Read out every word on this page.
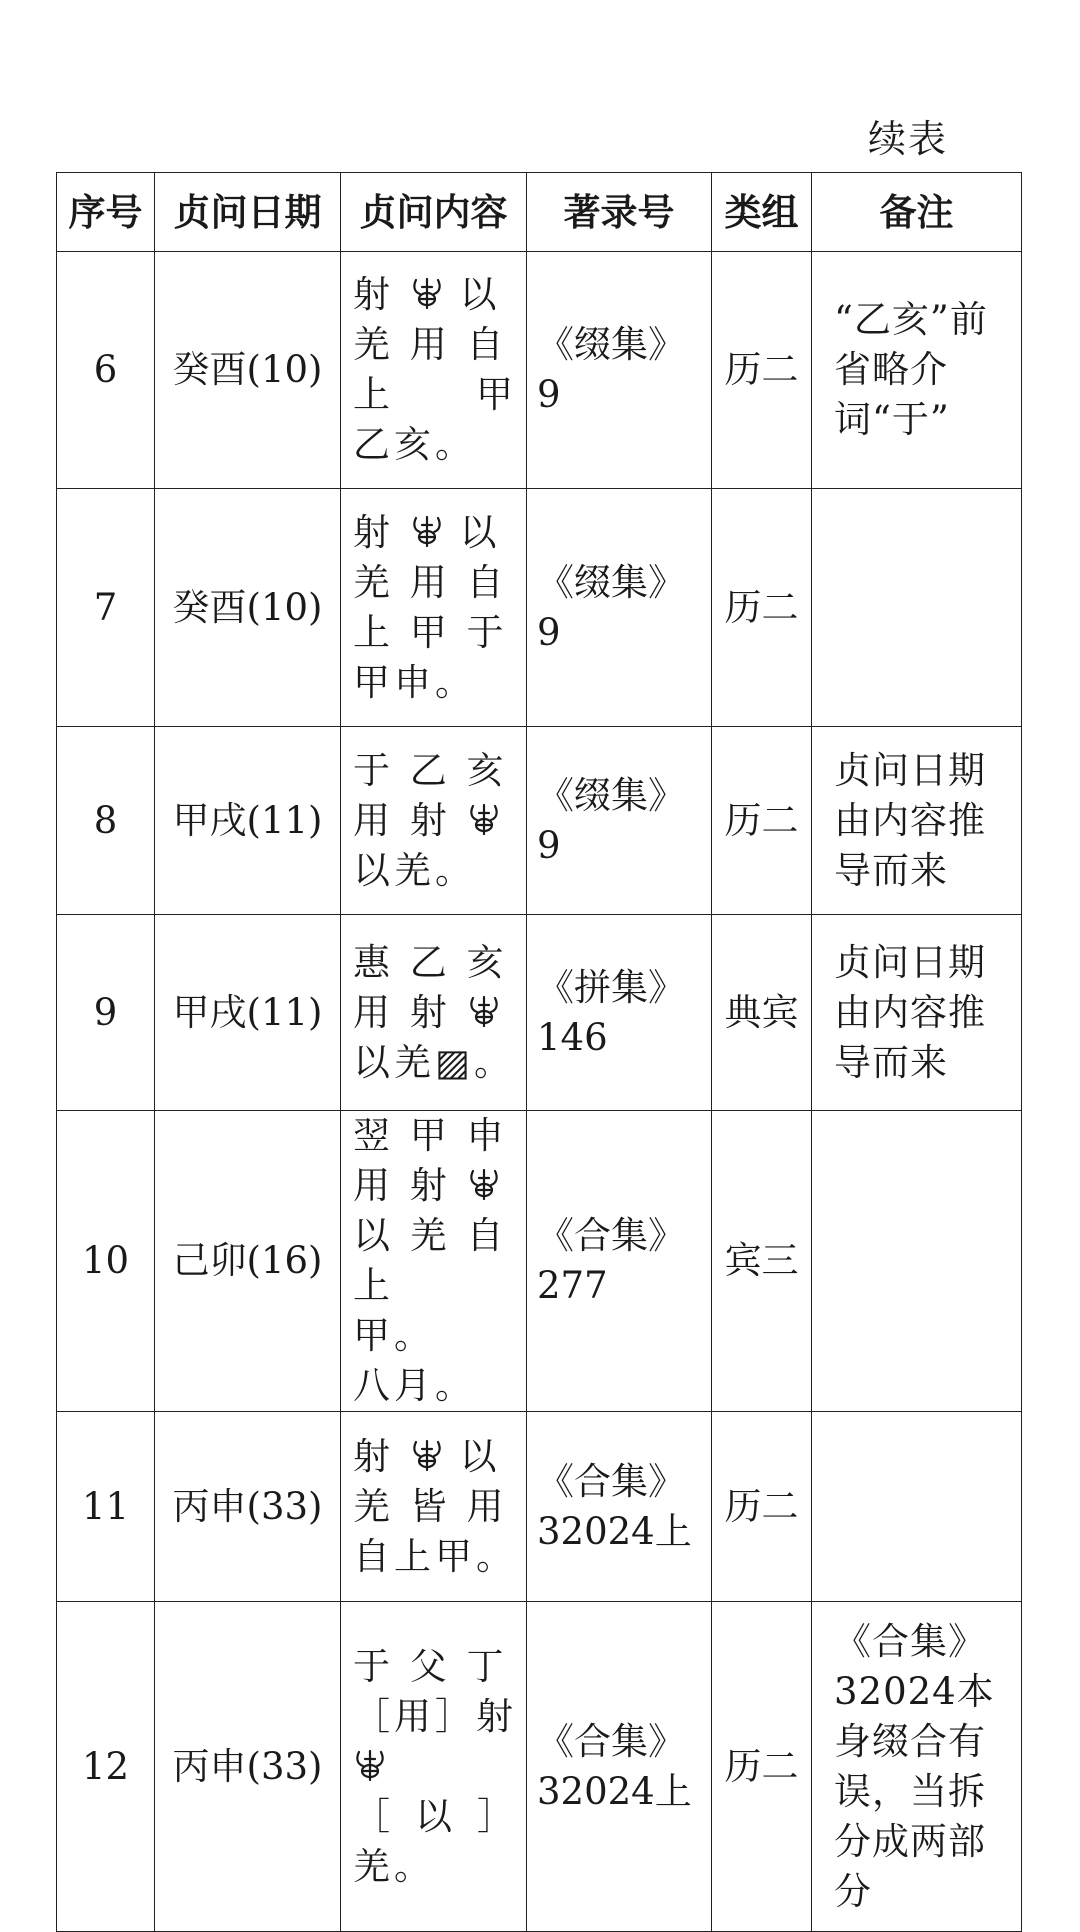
续表
序号	贞问日期	贞问内容	著录号	类组	备注
6	癸酉(10)	射 以
羌 用 自
上　　甲
乙亥。	《缀集》9	历二	“乙亥”前省略介词“于”
7	癸酉(10)	射 以
羌 用 自
上 甲 于
甲申。	《缀集》9	历二	
8	甲戌(11)	于 乙 亥
用 射
以羌。	《缀集》9	历二	贞问日期由内容推导而来
9	甲戌(11)	惠 乙 亥
用 射
以羌▨。	《拼集》146	典宾	贞问日期由内容推导而来
10	己卯(16)	翌 甲 申
用 射
以 羌 自
上　　甲。
八月。	《合集》277	宾三	
11	丙申(33)	射 以
羌 皆 用
自上甲。	《合集》32024上	历二	
12	丙申(33)	于 父 丁
［用］射
［以］羌。	《合集》32024上	历二	《合集》32024本身缀合有误，当拆分成两部分
